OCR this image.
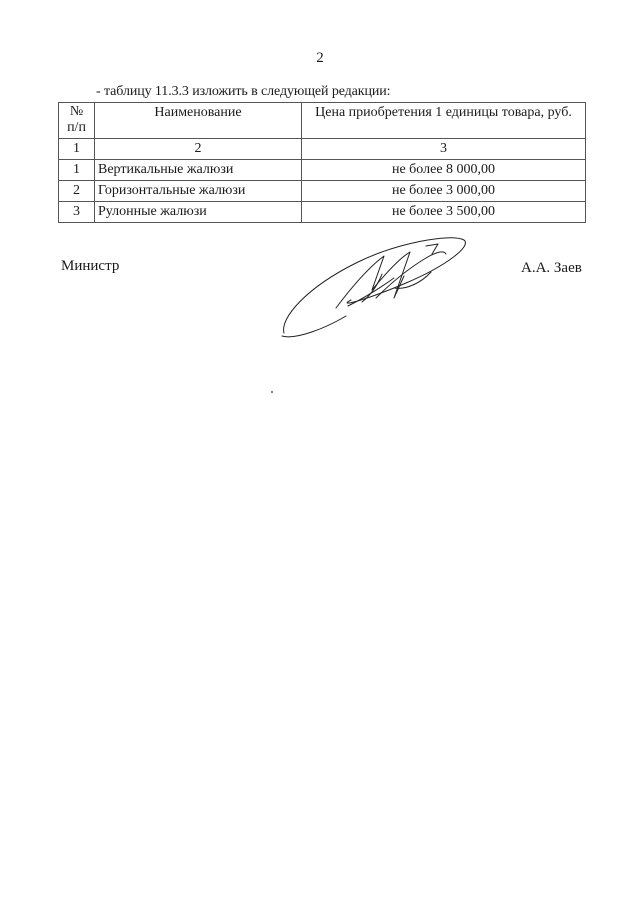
2
- таблицу 11.3.3 изложить в следующей редакции:
№
п/п	Наименование	Цена приобретения 1 единицы товара, руб.
1	2	3
1	Вертикальные жалюзи	не более 8 000,00
2	Горизонтальные жалюзи	не более 3 000,00
3	Рулонные жалюзи	не более 3 500,00
Министр	А.А. Заев
